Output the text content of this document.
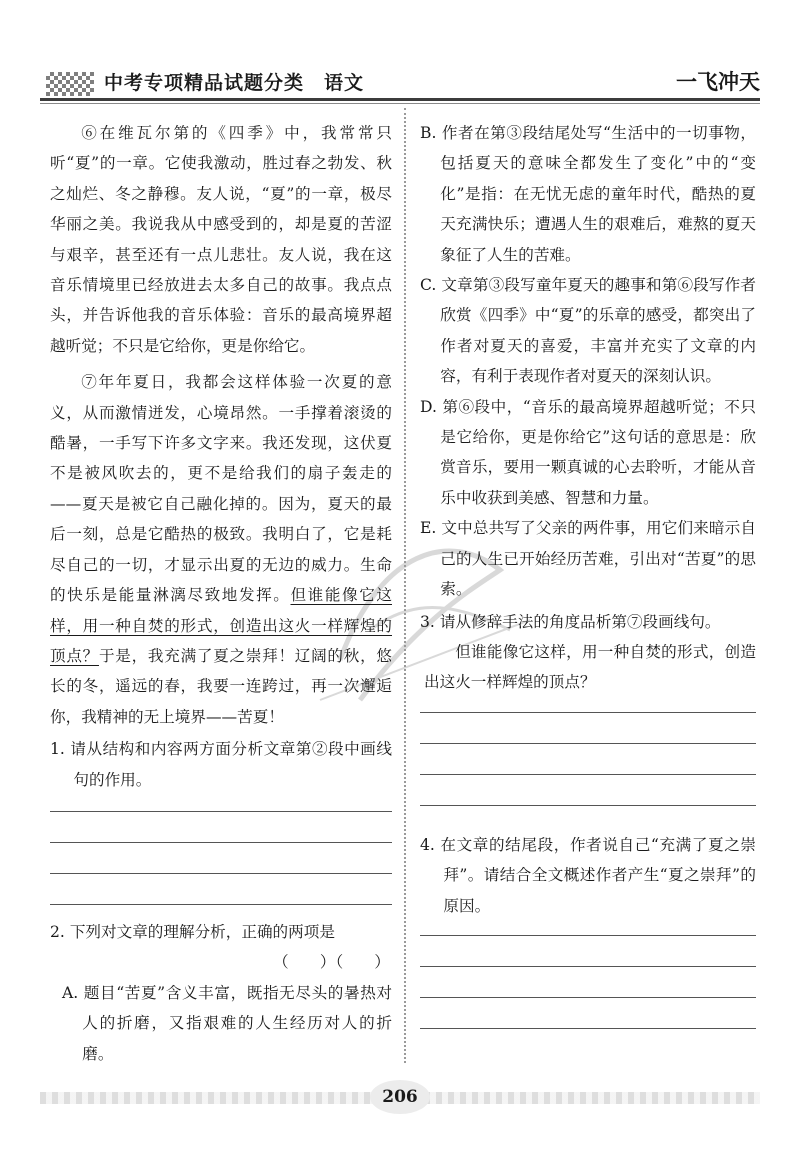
中考专项精品试题分类　语文	一飞冲天

⑥在维瓦尔第的《四季》中，我常常只听“夏”的一章。它使我激动，胜过春之勃发、秋之灿烂、冬之静穆。友人说，“夏”的一章，极尽华丽之美。我说我从中感受到的，却是夏的苦涩与艰辛，甚至还有一点儿悲壮。友人说，我在这音乐情境里已经放进去太多自己的故事。我点点头，并告诉他我的音乐体验：音乐的最高境界超越听觉；不只是它给你，更是你给它。

⑦年年夏日，我都会这样体验一次夏的意义，从而激情迸发，心境昂然。一手撑着滚烫的酷暑，一手写下许多文字来。我还发现，这伏夏不是被风吹去的，更不是给我们的扇子轰走的——夏天是被它自己融化掉的。因为，夏天的最后一刻，总是它酷热的极致。我明白了，它是耗尽自己的一切，才显示出夏的无边的威力。生命的快乐是能量淋漓尽致地发挥。但谁能像它这样，用一种自焚的形式，创造出这火一样辉煌的顶点？于是，我充满了夏之崇拜！辽阔的秋，悠长的冬，遥远的春，我要一连跨过，再一次邂逅你，我精神的无上境界——苦夏！

1. 请从结构和内容两方面分析文章第②段中画线句的作用。

2. 下列对文章的理解分析，正确的两项是

（　　）（　　）

A. 题目“苦夏”含义丰富，既指无尽头的暑热对人的折磨，又指艰难的人生经历对人的折磨。

B. 作者在第③段结尾处写“生活中的一切事物，包括夏天的意味全都发生了变化”中的“变化”是指：在无忧无虑的童年时代，酷热的夏天充满快乐；遭遇人生的艰难后，难熬的夏天象征了人生的苦难。

C. 文章第③段写童年夏天的趣事和第⑥段写作者欣赏《四季》中“夏”的乐章的感受，都突出了作者对夏天的喜爱，丰富并充实了文章的内容，有利于表现作者对夏天的深刻认识。

D. 第⑥段中，“音乐的最高境界超越听觉；不只是它给你，更是你给它”这句话的意思是：欣赏音乐，要用一颗真诚的心去聆听，才能从音乐中收获到美感、智慧和力量。

E. 文中总共写了父亲的两件事，用它们来暗示自己的人生已开始经历苦难，引出对“苦夏”的思索。

3. 请从修辞手法的角度品析第⑦段画线句。

但谁能像它这样，用一种自焚的形式，创造出这火一样辉煌的顶点？

4. 在文章的结尾段，作者说自己“充满了夏之崇拜”。请结合全文概述作者产生“夏之崇拜”的原因。

206
